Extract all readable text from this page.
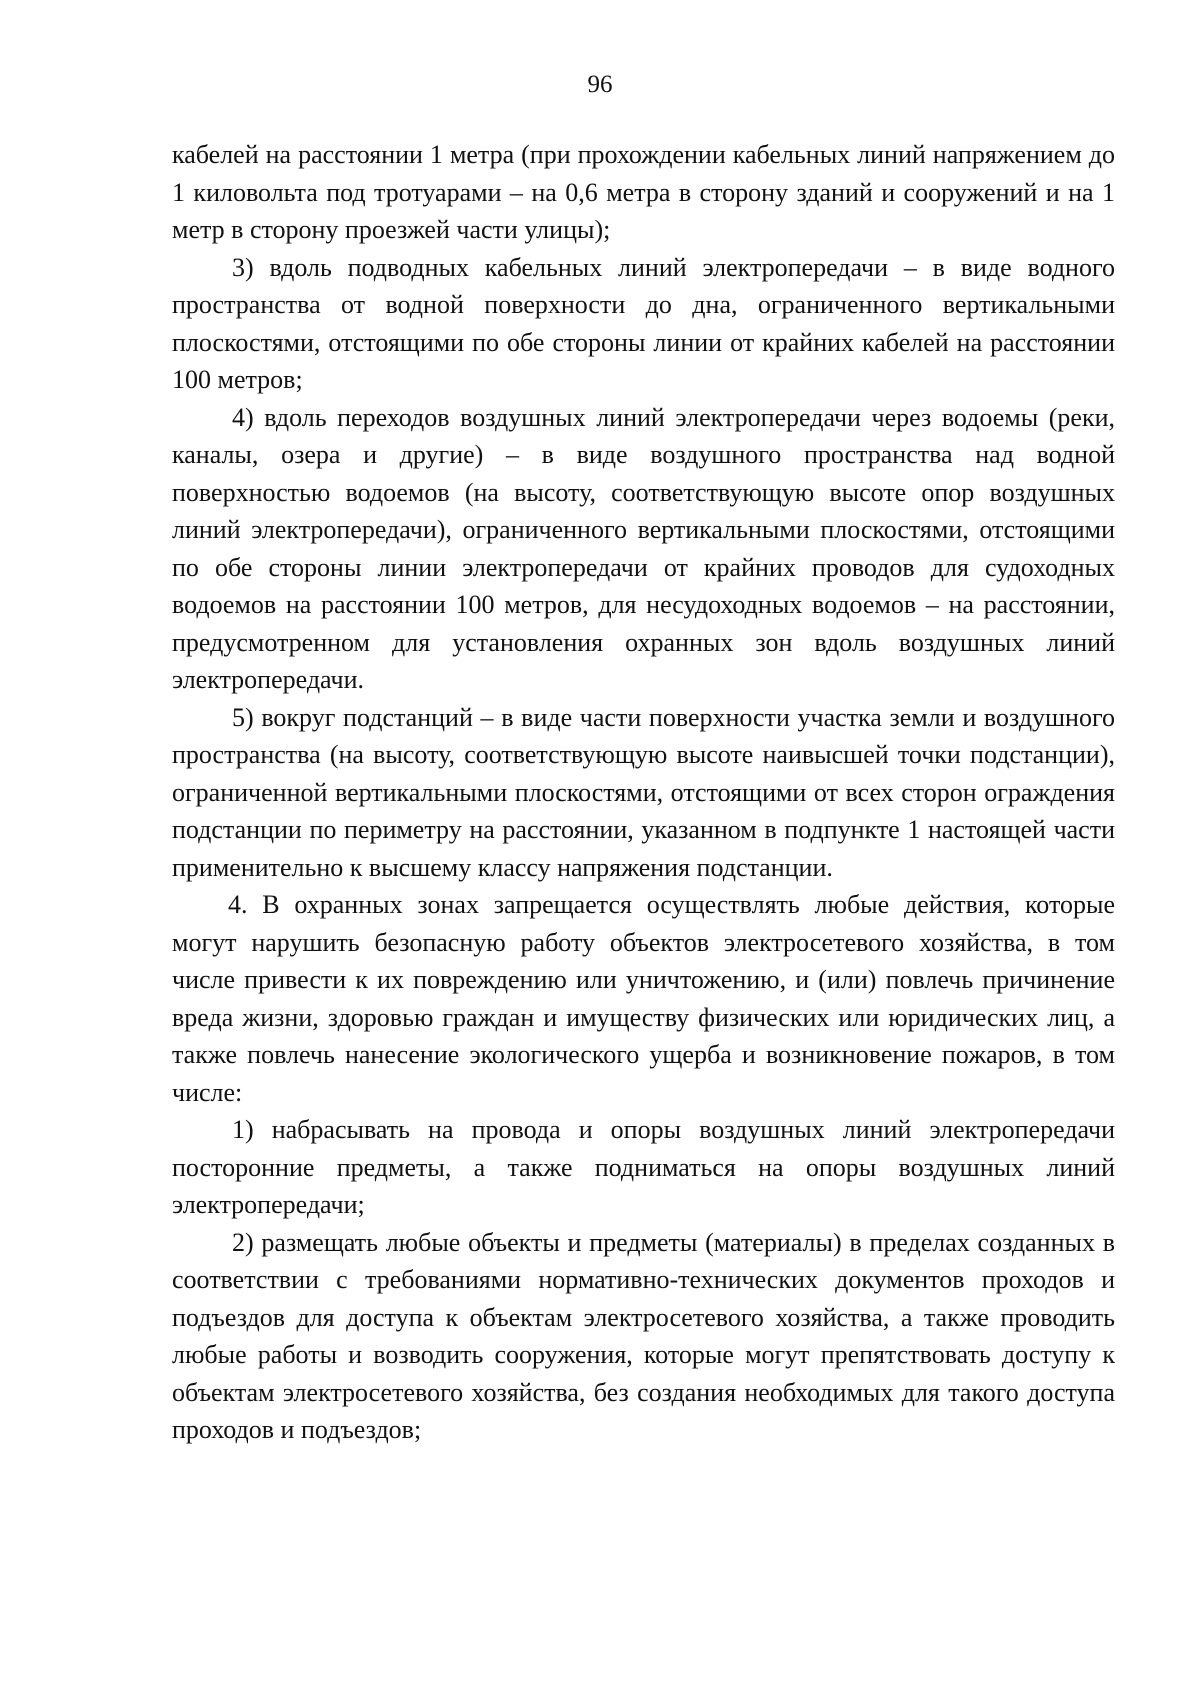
96

кабелей на расстоянии 1 метра (при прохождении кабельных линий напряжением до 1 киловольта под тротуарами – на 0,6 метра в сторону зданий и сооружений и на 1 метр в сторону проезжей части улицы);

3) вдоль подводных кабельных линий электропередачи – в виде водного пространства от водной поверхности до дна, ограниченного вертикальными плоскостями, отстоящими по обе стороны линии от крайних кабелей на расстоянии 100 метров;

4) вдоль переходов воздушных линий электропередачи через водоемы (реки, каналы, озера и другие) – в виде воздушного пространства над водной поверхностью водоемов (на высоту, соответствующую высоте опор воздушных линий электропередачи), ограниченного вертикальными плоскостями, отстоящими по обе стороны линии электропередачи от крайних проводов для судоходных водоемов на расстоянии 100 метров, для несудоходных водоемов – на расстоянии, предусмотренном для установления охранных зон вдоль воздушных линий электропередачи.

5) вокруг подстанций – в виде части поверхности участка земли и воздушного пространства (на высоту, соответствующую высоте наивысшей точки подстанции), ограниченной вертикальными плоскостями, отстоящими от всех сторон ограждения подстанции по периметру на расстоянии, указанном в подпункте 1 настоящей части применительно к высшему классу напряжения подстанции.

4. В охранных зонах запрещается осуществлять любые действия, которые могут нарушить безопасную работу объектов электросетевого хозяйства, в том числе привести к их повреждению или уничтожению, и (или) повлечь причинение вреда жизни, здоровью граждан и имуществу физических или юридических лиц, а также повлечь нанесение экологического ущерба и возникновение пожаров, в том числе:

1) набрасывать на провода и опоры воздушных линий электропередачи посторонние предметы, а также подниматься на опоры воздушных линий электропередачи;

2) размещать любые объекты и предметы (материалы) в пределах созданных в соответствии с требованиями нормативно-технических документов проходов и подъездов для доступа к объектам электросетевого хозяйства, а также проводить любые работы и возводить сооружения, которые могут препятствовать доступу к объектам электросетевого хозяйства, без создания необходимых для такого доступа проходов и подъездов;
